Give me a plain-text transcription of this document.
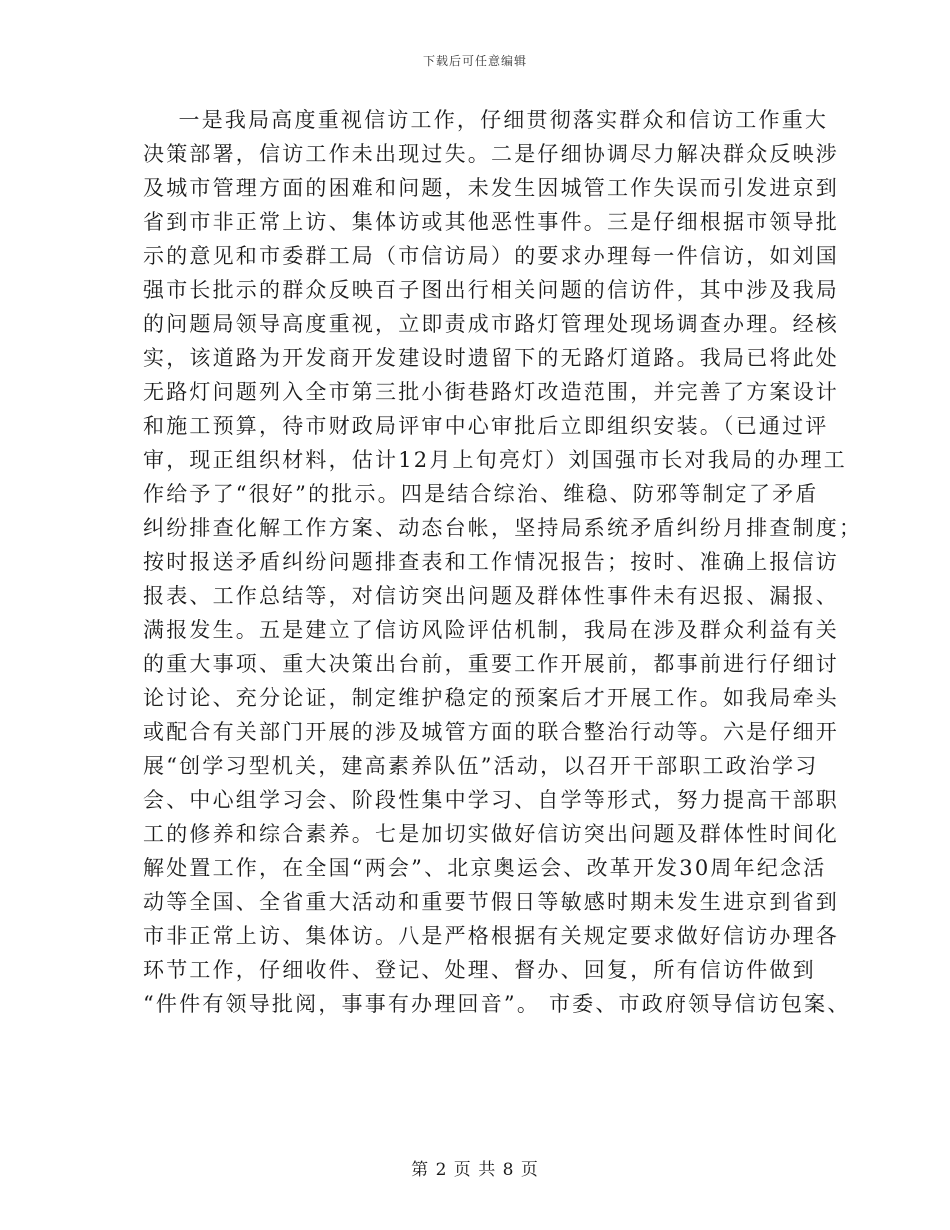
下载后可任意编辑
一是我局高度重视信访工作，仔细贯彻落实群众和信访工作重大
决策部署，信访工作未出现过失。二是仔细协调尽力解决群众反映涉
及城市管理方面的困难和问题，未发生因城管工作失误而引发进京到
省到市非正常上访、集体访或其他恶性事件。三是仔细根据市领导批
示的意见和市委群工局（市信访局）的要求办理每一件信访，如刘国
强市长批示的群众反映百子图出行相关问题的信访件，其中涉及我局
的问题局领导高度重视，立即责成市路灯管理处现场调查办理。经核
实，该道路为开发商开发建设时遗留下的无路灯道路。我局已将此处
无路灯问题列入全市第三批小街巷路灯改造范围，并完善了方案设计
和施工预算，待市财政局评审中心审批后立即组织安装。（已通过评
审，现正组织材料，估计12月上旬亮灯）刘国强市长对我局的办理工
作给予了“很好”的批示。四是结合综治、维稳、防邪等制定了矛盾
纠纷排查化解工作方案、动态台帐，坚持局系统矛盾纠纷月排查制度；
按时报送矛盾纠纷问题排查表和工作情况报告；按时、准确上报信访
报表、工作总结等，对信访突出问题及群体性事件未有迟报、漏报、
满报发生。五是建立了信访风险评估机制，我局在涉及群众利益有关
的重大事项、重大决策出台前，重要工作开展前，都事前进行仔细讨
论讨论、充分论证，制定维护稳定的预案后才开展工作。如我局牵头
或配合有关部门开展的涉及城管方面的联合整治行动等。六是仔细开
展“创学习型机关，建高素养队伍”活动，以召开干部职工政治学习
会、中心组学习会、阶段性集中学习、自学等形式，努力提高干部职
工的修养和综合素养。七是加切实做好信访突出问题及群体性时间化
解处置工作，在全国“两会”、北京奥运会、改革开发30周年纪念活
动等全国、全省重大活动和重要节假日等敏感时期未发生进京到省到
市非正常上访、集体访。八是严格根据有关规定要求做好信访办理各
环节工作，仔细收件、登记、处理、督办、回复，所有信访件做到
“件件有领导批阅，事事有办理回音”。 市委、市政府领导信访包案、
第 2 页 共 8 页
